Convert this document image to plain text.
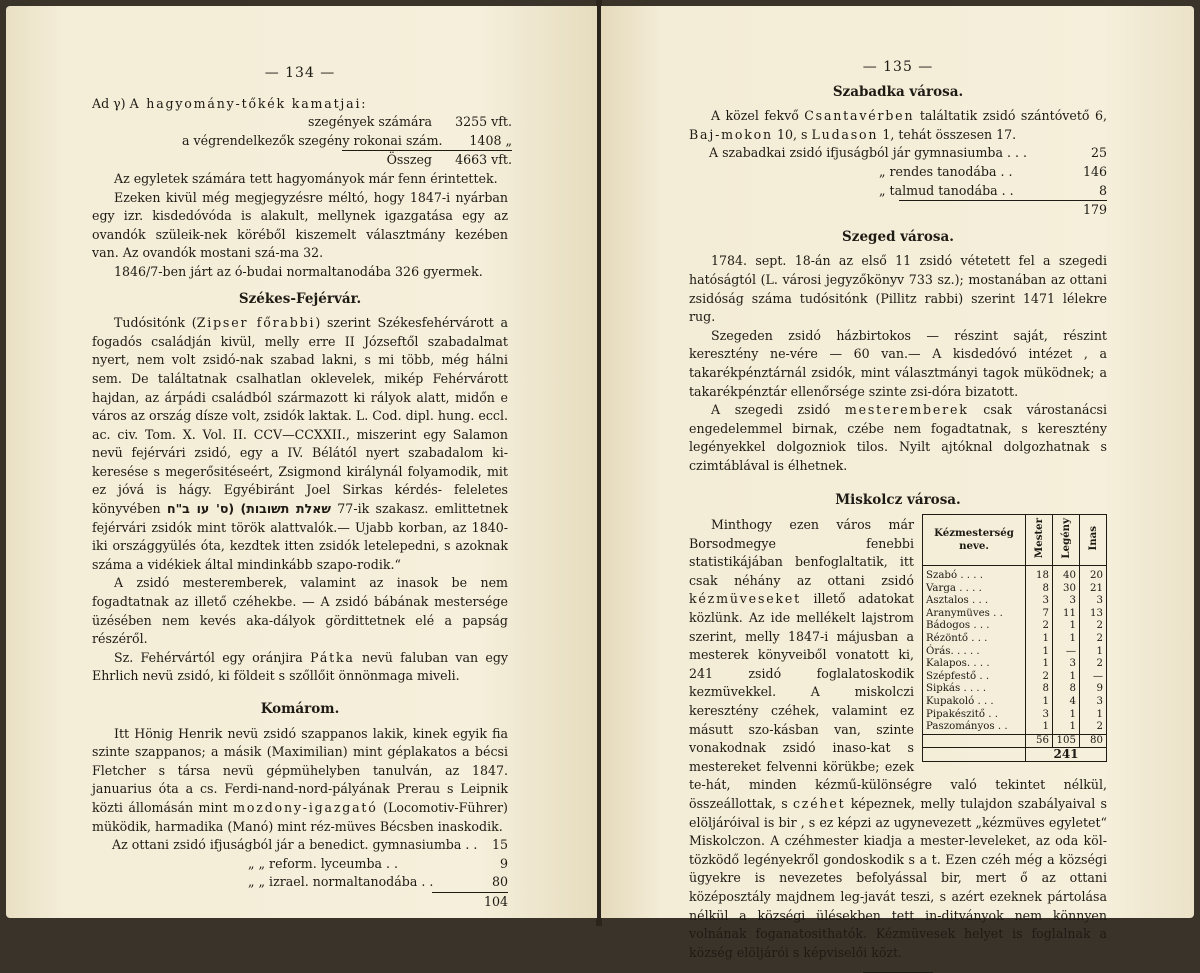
— 134 —

Ad γ) A hagyomány-tőkék kamatjai:

szegények számára	3255 vft.
a végrendelkezők szegény rokonai szám.	1408 „
Összeg	4663 vft.

Az egyletek számára tett hagyományok már fenn érintettek.

Ezeken kivül még megjegyzésre méltó, hogy 1847-i nyárban egy izr. kisdedóvóda is alakult, mellynek igazgatása egy az ovandók szüleik-nek köréből kiszemelt választmány kezében van. Az ovandók mostani szá-ma 32.

1846/7-ben járt az ó-budai normaltanodába 326 gyermek.

Székes-Fejérvár.

Tudósitónk (Zipser főrabbi) szerint Székesfehérvárott a fogadós családján kivül, melly erre II Józseftől szabadalmat nyert, nem volt zsidó-nak szabad lakni, s mi több, még hálni sem. De találtatnak csalhatlan oklevelek, mikép Fehérvárott hajdan, az árpádi családból származott ki rályok alatt, midőn e város az ország dísze volt, zsidók laktak. L. Cod. dipl. hung. eccl. ac. civ. Tom. X. Vol. II. CCV—CCXXII., miszerint egy Salamon nevü fejérvári zsidó, egy a IV. Bélától nyert szabadalom ki-keresése s megerősitéseért, Zsigmond királynál folyamodik, mit ez jóvá is hágy. Egyébiránt Joel Sirkas kérdés- feleletes könyvében (ס' עו ב"ח שאלת תשובות) 77-ik szakasz. emlittetnek fejérvári zsidók mint török alattvalók.— Ujabb korban, az 1840-iki országgyülés óta, kezdtek itten zsidók letelepedni, s azoknak száma a vidékiek által mindinkább szapo-rodik.“

A zsidó mesteremberek, valamint az inasok be nem fogadtatnak az illető czéhekbe. — A zsidó bábának mestersége üzésében nem kevés aka-dályok gördittetnek elé a papság részéről.

Sz. Fehérvártól egy oránjira Pátka nevü faluban van egy Ehrlich nevü zsidó, ki földeit s szőllőit önnönmaga miveli.

Komárom.

Itt Hönig Henrik nevü zsidó szappanos lakik, kinek egyik fia szinte szappanos; a másik (Maximilian) mint géplakatos a bécsi Fletcher s társa nevü gépmühelyben tanulván, az 1847. januarius óta a cs. Ferdi-nand-nord-pályának Prerau s Leipnik közti állomásán mint mozdony-igazgató (Locomotiv-Führer) müködik, harmadika (Manó) mint réz-müves Bécsben inaskodik.

Az ottani zsidó ifjuságból jár a benedict. gymnasiumba . .	15
„ „ reform. lyceumba . .	9
„ „ izrael. normaltanodába . .	80
104
— 135 —
Szabadka városa.

A közel fekvő Csantavérben találtatik zsidó szántóvető 6, Baj-mokon 10, s Ludason 1, tehát összesen 17.

A szabadkai zsidó ifjuságból jár gymnasiumba . . .	25
„ rendes tanodába . .	146
„ talmud tanodába . .	8
179
Szeged városa.

1784. sept. 18-án az első 11 zsidó vétetett fel a szegedi hatóságtól (L. városi jegyzőkönyv 733 sz.); mostanában az ottani zsidóság száma tudósitónk (Pillitz rabbi) szerint 1471 lélekre rug.

Szegeden zsidó házbirtokos — részint saját, részint keresztény ne-vére — 60 van.— A kisdedóvó intézet , a takarékpénztárnál zsidók, mint választmányi tagok müködnek; a takarékpénztár ellenőrsége szinte zsi-dóra bizatott.

A szegedi zsidó mesteremberek csak várostanácsi engedelemmel birnak, czébe nem fogadtatnak, s keresztény legényekkel dolgozniok tilos. Nyilt ajtóknal dolgozhatnak s czimtáblával is élhetnek.

Miskolcz városa.
Kézmesterség neve.	Mester	Legény	Inas
Szabó . . . .	18	40	20
Varga . . . .	8	30	21
Asztalos . . .	3	3	3
Aranymüves . .	7	11	13
Bádogos . . .	2	1	2
Rézöntő . . .	1	1	2
Órás. . . . .	1	—	1
Kalapos. . . .	1	3	2
Szépfestő . .	2	1	—
Sipkás . . . .	8	8	9
Kupakoló . . .	1	4	3
Pipakészitő . .	3	1	1
Paszományos . .	1	1	2
	56	105	80
	241		

Minthogy ezen város már Borsodmegye fenebbi statistikájában benfoglaltatik, itt csak néhány az ottani zsidó kézmüveseket illető adatokat közlünk. Az ide mellékelt lajstrom szerint, melly 1847-i májusban a mesterek könyveiből vonatott ki, 241 zsidó foglalatoskodik kezmüvekkel. A miskolczi keresztény czéhek, valamint ez másutt szo-kásban van, szinte vonakodnak zsidó inaso-kat s mestereket felvenni körükbe; ezek te-hát, minden kézmű-különségre való tekintet nélkül, összeállottak, s czéhet képeznek, melly tulajdon szabályaival s elöljáróival is bir , s ez képzi az ugynevezett „kézmüves egyletet“ Miskolczon. A czéhmester kiadja a mester-leveleket, az oda köl-tözködő legényekről gondoskodik s a t. Ezen czéh még a községi ügyekre is nevezetes befolyással bir, mert ő az ottani középosztály majdnem leg-javát teszi, s azért ezeknek pártolása nélkül a községi ülésekben tett in-ditványok nem könnyen volnának foganatosithatók. Kézmüvesek helyet is foglalnak a község elöljárói s képviselői közt.
